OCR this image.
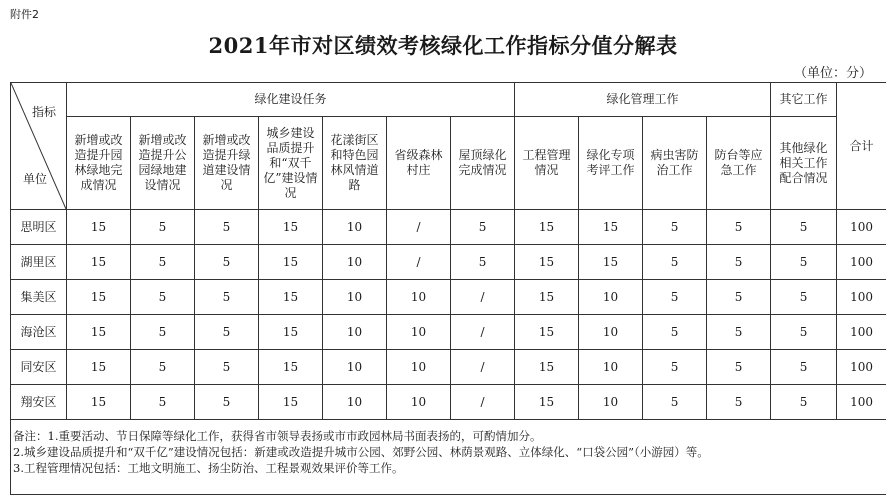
附件2
2021年市对区绩效考核绿化工作指标分值分解表
（单位：分）
指标
单位	绿化建设任务							绿化管理工作				其它工作	合计
	新增或改造提升园林绿地完成情况	新增或改造提升公园绿地建设情况	新增或改造提升绿道建设情况	城乡建设品质提升和“双千亿”建设情况	花漾街区和特色园林风情道路	省级森林村庄	屋顶绿化完成情况	工程管理情况	绿化专项考评工作	病虫害防治工作	防台等应急工作	其他绿化相关工作配合情况	
思明区	15	5	5	15	10	/	5	15	15	5	5	5	100
湖里区	15	5	5	15	10	/	5	15	15	5	5	5	100
集美区	15	5	5	15	10	10	/	15	10	5	5	5	100
海沧区	15	5	5	15	10	10	/	15	10	5	5	5	100
同安区	15	5	5	15	10	10	/	15	10	5	5	5	100
翔安区	15	5	5	15	10	10	/	15	10	5	5	5	100

备注：1.重要活动、节日保障等绿化工作，获得省市领导表扬或市市政园林局书面表扬的，可酌情加分。
2.城乡建设品质提升和“双千亿”建设情况包括：新建或改造提升城市公园、郊野公园、林荫景观路、立体绿化、“口袋公园”（小游园）等。
3.工程管理情况包括：工地文明施工、扬尘防治、工程景观效果评价等工作。													
